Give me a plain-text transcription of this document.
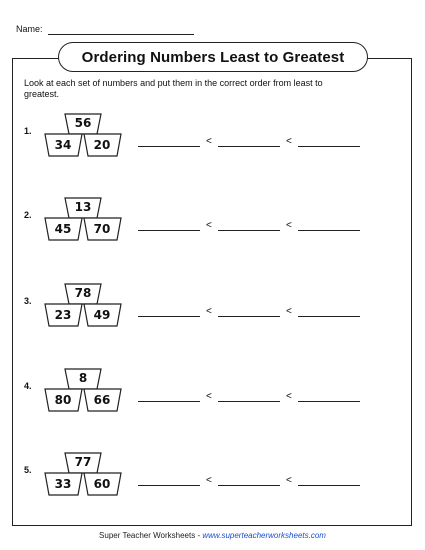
Name:
Ordering Numbers Least to Greatest
Look at each set of numbers and put them in the correct order from least to greatest.
1.
56
34	20	<	<
2.
13
45	70	<	<
3.
78
23	49	<	<
4.
8
80	66	<	<
5.
77
33	60	<	<
Super Teacher Worksheets - www.superteacherworksheets.com
